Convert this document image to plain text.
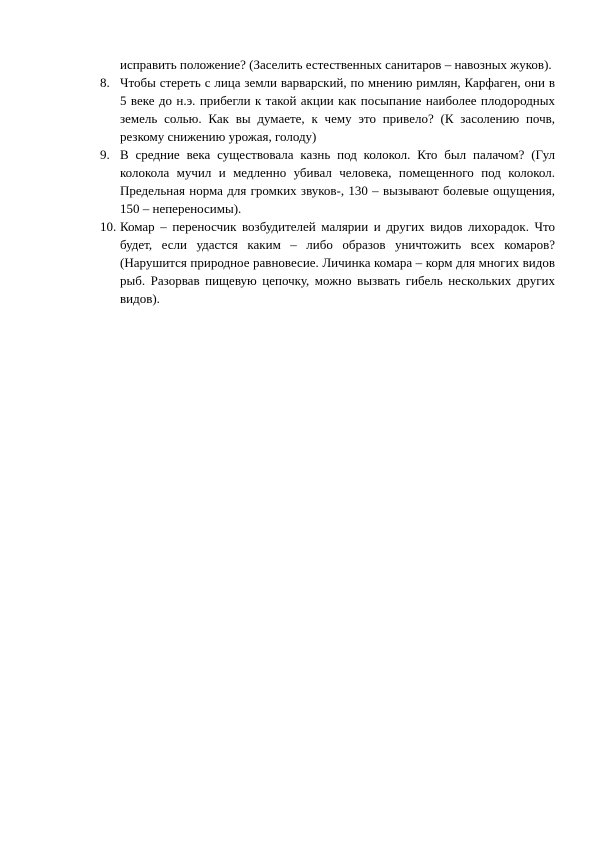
исправить положение? (Заселить естественных санитаров – навозных жуков).

8. Чтобы стереть с лица земли варварский, по мнению римлян, Карфаген, они в 5 веке до н.э. прибегли к такой акции как посыпание наиболее плодородных земель солью. Как вы думаете, к чему это привело? (К засолению почв, резкому снижению урожая, голоду)
9. В средние века существовала казнь под колокол. Кто был палачом? (Гул колокола мучил и медленно убивал человека, помещенного под колокол. Предельная норма для громких звуков-, 130 – вызывают болевые ощущения, 150 – непереносимы).
10. Комар – переносчик возбудителей малярии и других видов лихорадок. Что будет, если удастся каким – либо образов уничтожить всех комаров? (Нарушится природное равновесие. Личинка комара – корм для многих видов рыб. Разорвав пищевую цепочку, можно вызвать гибель нескольких других видов).
